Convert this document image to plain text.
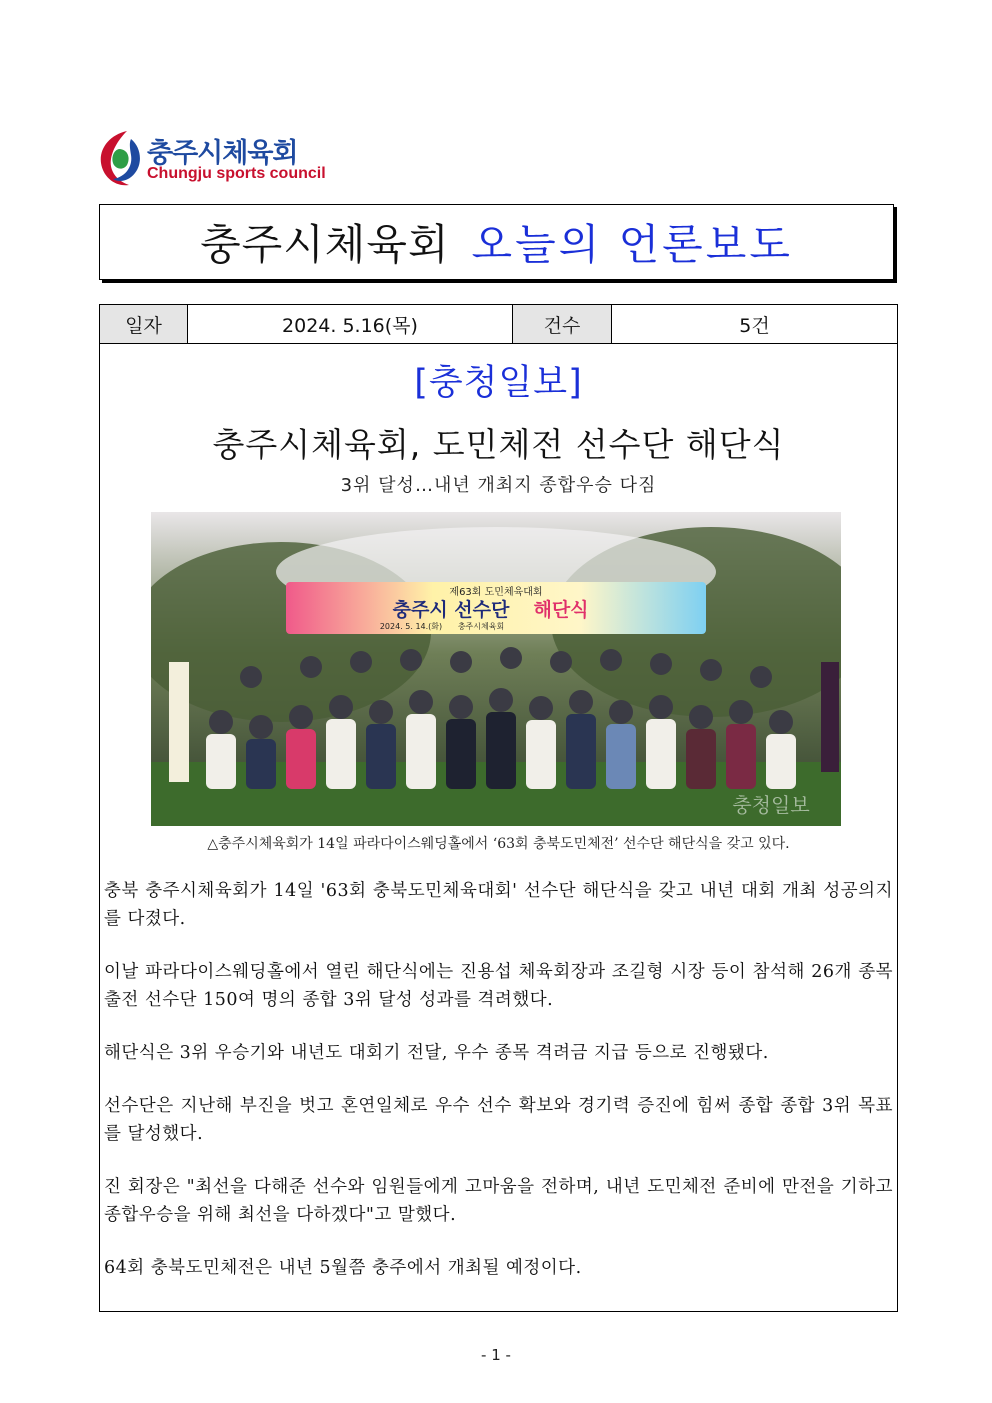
충주시체육회
Chungju sports council
충주시체육회 오늘의 언론보도
일자	2024. 5.16(목)	건수	5건
[충청일보]
충주시체육회, 도민체전 선수단 해단식
3위 달성…내년 개최지 종합우승 다짐
제63회 도민체육대회
충주시 선수단 해단식
2024. 5. 14.(화) 충주시체육회
충청일보
△충주시체육회가 14일 파라다이스웨딩홀에서 ‘63회 충북도민체전’ 선수단 해단식을 갖고 있다.

충북 충주시체육회가 14일 '63회 충북도민체육대회' 선수단 해단식을 갖고 내년 대회 개최 성공의지를 다졌다.

이날 파라다이스웨딩홀에서 열린 해단식에는 진용섭 체육회장과 조길형 시장 등이 참석해 26개 종목 출전 선수단 150여 명의 종합 3위 달성 성과를 격려했다.

해단식은 3위 우승기와 내년도 대회기 전달, 우수 종목 격려금 지급 등으로 진행됐다.

선수단은 지난해 부진을 벗고 혼연일체로 우수 선수 확보와 경기력 증진에 힘써 종합 종합 3위 목표를 달성했다.

진 회장은 "최선을 다해준 선수와 임원들에게 고마움을 전하며, 내년 도민체전 준비에 만전을 기하고 종합우승을 위해 최선을 다하겠다"고 말했다.

64회 충북도민체전은 내년 5월쯤 충주에서 개최될 예정이다.

- 1 -
